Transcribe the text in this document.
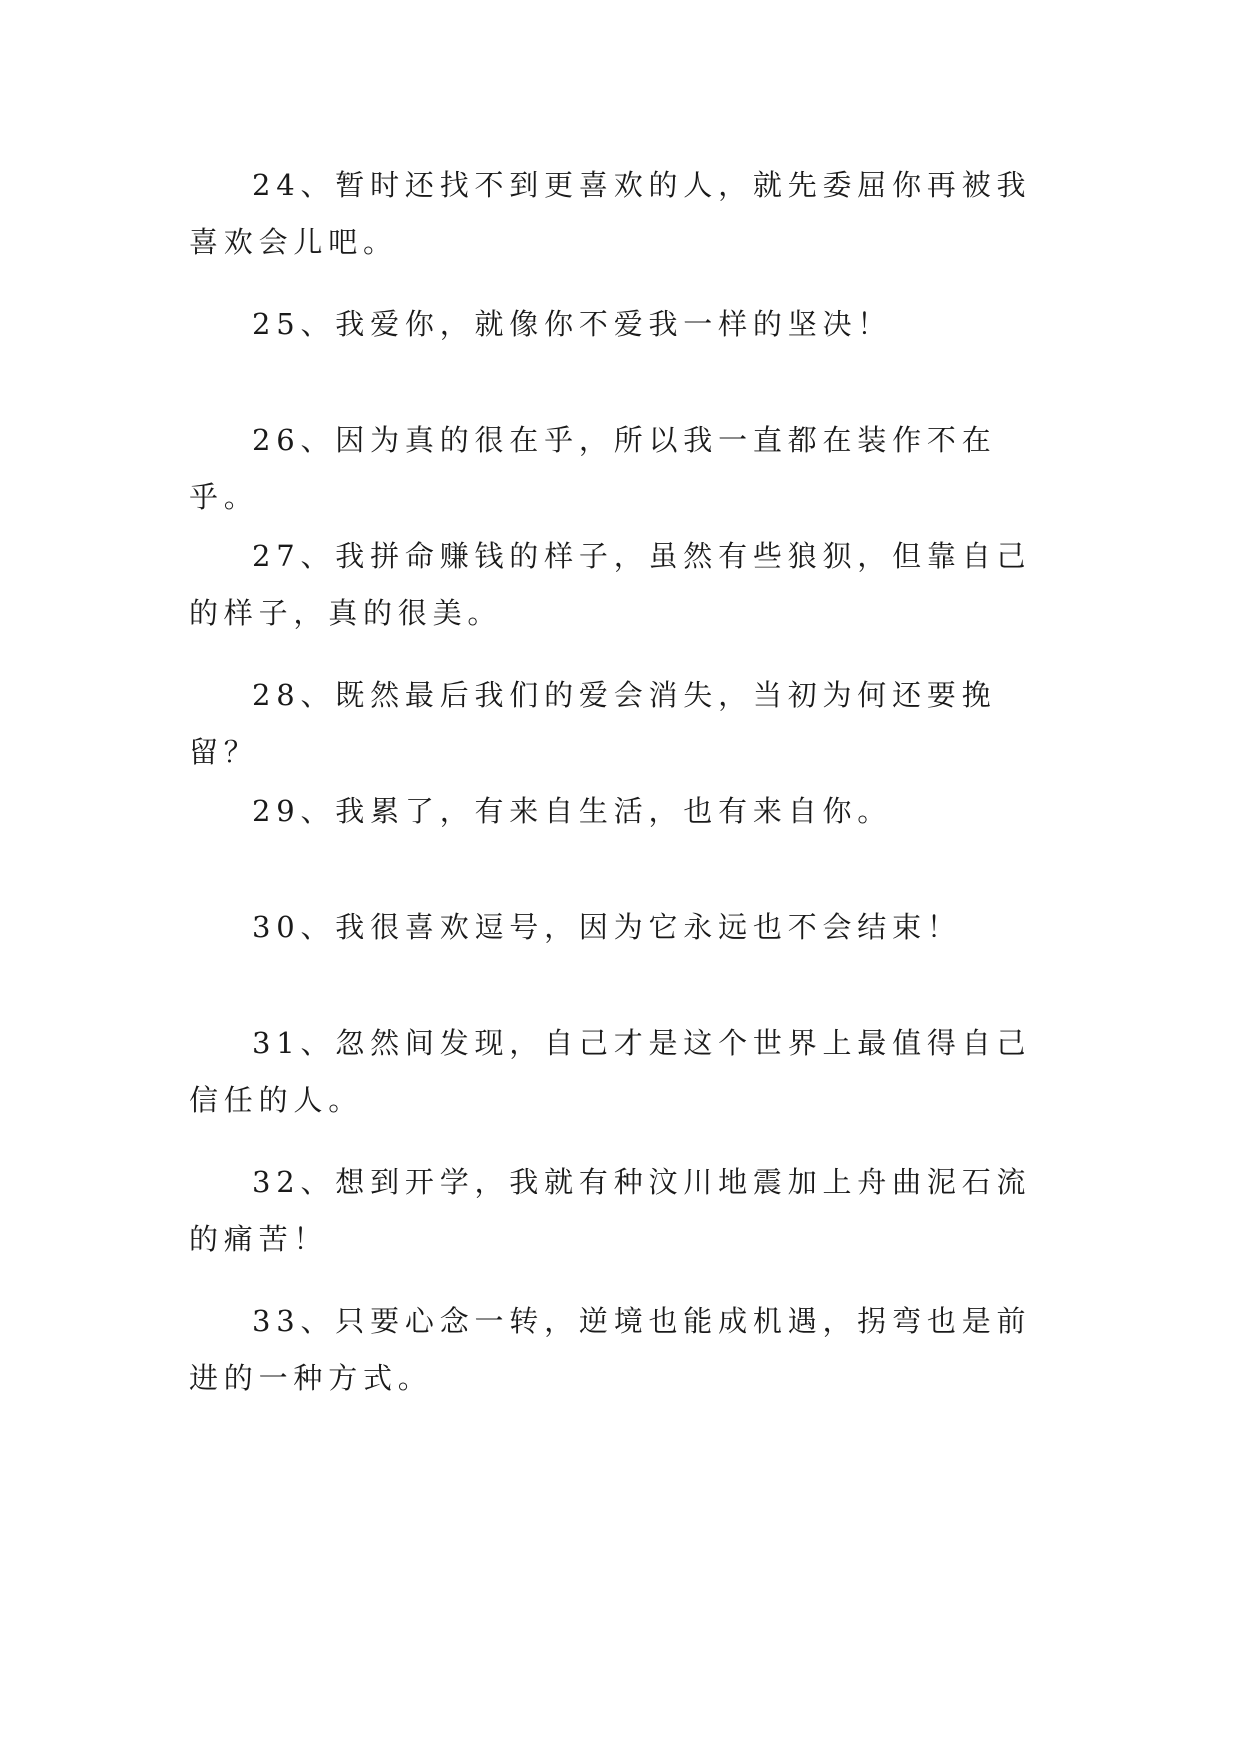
24、暂时还找不到更喜欢的人，就先委屈你再被我喜欢会儿吧。

25、我爱你，就像你不爱我一样的坚决！

26、因为真的很在乎，所以我一直都在装作不在乎。

27、我拼命赚钱的样子，虽然有些狼狈，但靠自己的样子，真的很美。

28、既然最后我们的爱会消失，当初为何还要挽留？

29、我累了，有来自生活，也有来自你。

30、我很喜欢逗号，因为它永远也不会结束！

31、忽然间发现，自己才是这个世界上最值得自己信任的人。

32、想到开学，我就有种汶川地震加上舟曲泥石流的痛苦！

33、只要心念一转，逆境也能成机遇，拐弯也是前进的一种方式。
